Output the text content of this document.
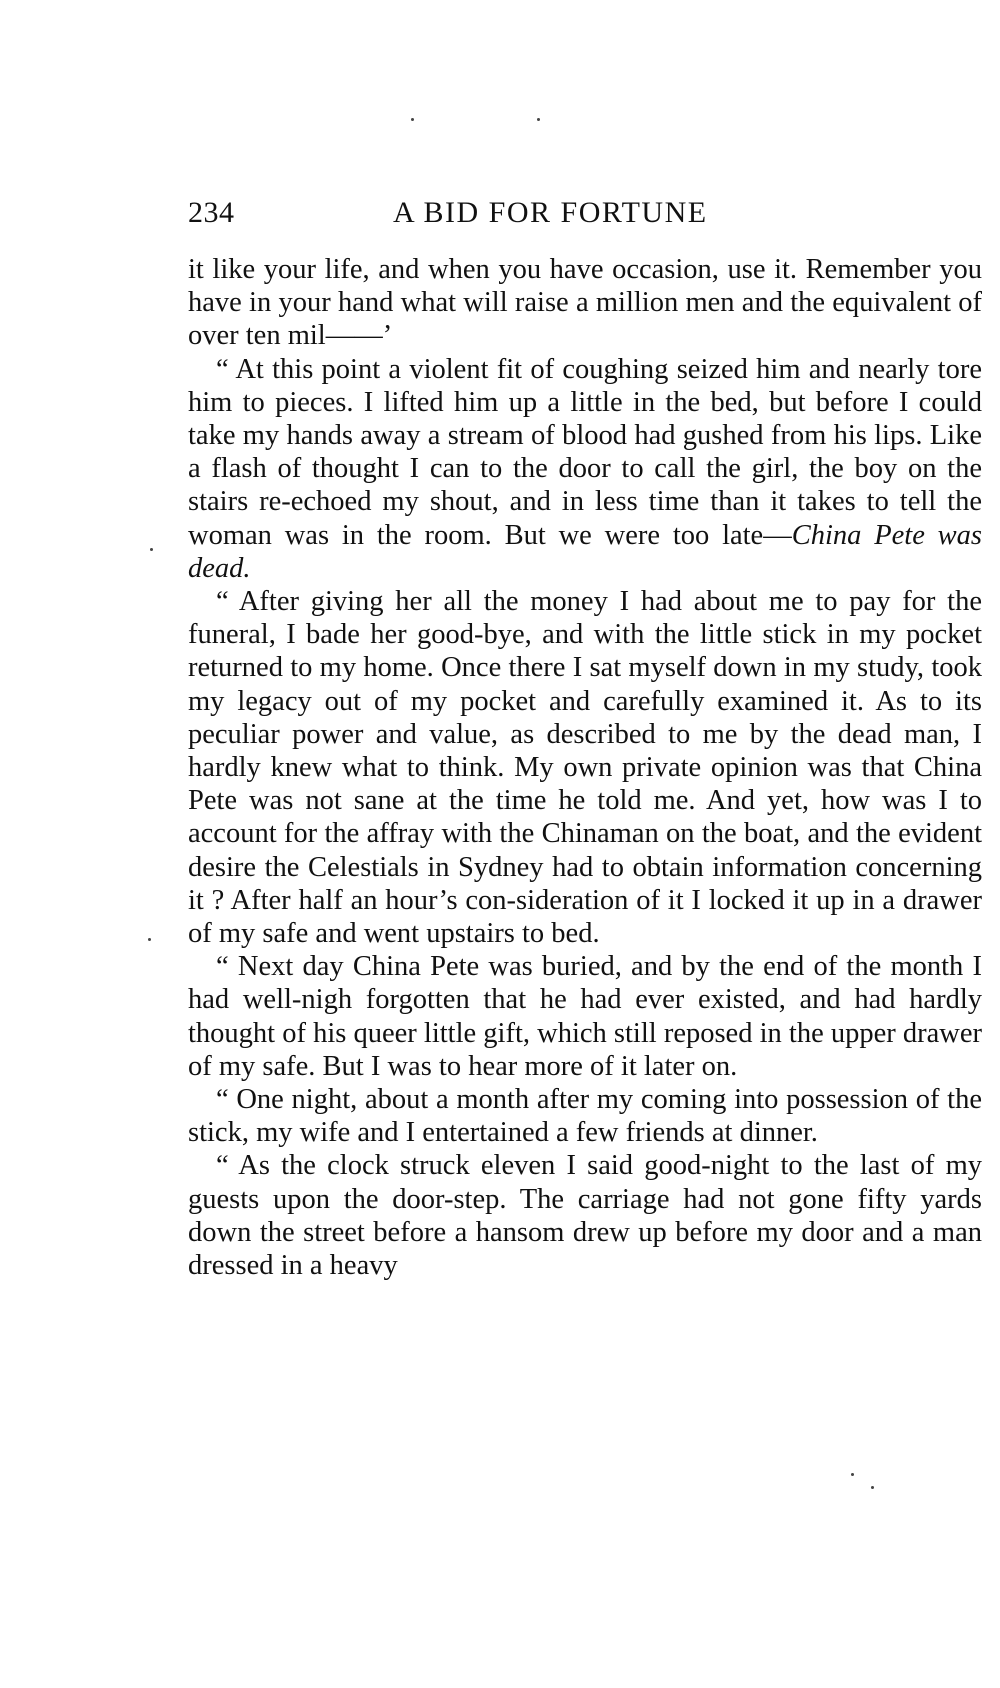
234	A BID FOR FORTUNE

it like your life, and when you have occasion, use it. Remember you have in your hand what will raise a million men and the equivalent of over ten mil——’

“ At this point a violent fit of coughing seized him and nearly tore him to pieces. I lifted him up a little in the bed, but before I could take my hands away a stream of blood had gushed from his lips. Like a flash of thought I can to the door to call the girl, the boy on the stairs re-echoed my shout, and in less time than it takes to tell the woman was in the room. But we were too late—China Pete was dead.

“ After giving her all the money I had about me to pay for the funeral, I bade her good-bye, and with the little stick in my pocket returned to my home. Once there I sat myself down in my study, took my legacy out of my pocket and carefully examined it. As to its peculiar power and value, as described to me by the dead man, I hardly knew what to think. My own private opinion was that China Pete was not sane at the time he told me. And yet, how was I to account for the affray with the Chinaman on the boat, and the evident desire the Celestials in Sydney had to obtain information concerning it ? After half an hour’s con-sideration of it I locked it up in a drawer of my safe and went upstairs to bed.

“ Next day China Pete was buried, and by the end of the month I had well-nigh forgotten that he had ever existed, and had hardly thought of his queer little gift, which still reposed in the upper drawer of my safe. But I was to hear more of it later on.

“ One night, about a month after my coming into possession of the stick, my wife and I entertained a few friends at dinner.

“ As the clock struck eleven I said good-night to the last of my guests upon the door-step. The carriage had not gone fifty yards down the street before a hansom drew up before my door and a man dressed in a heavy
